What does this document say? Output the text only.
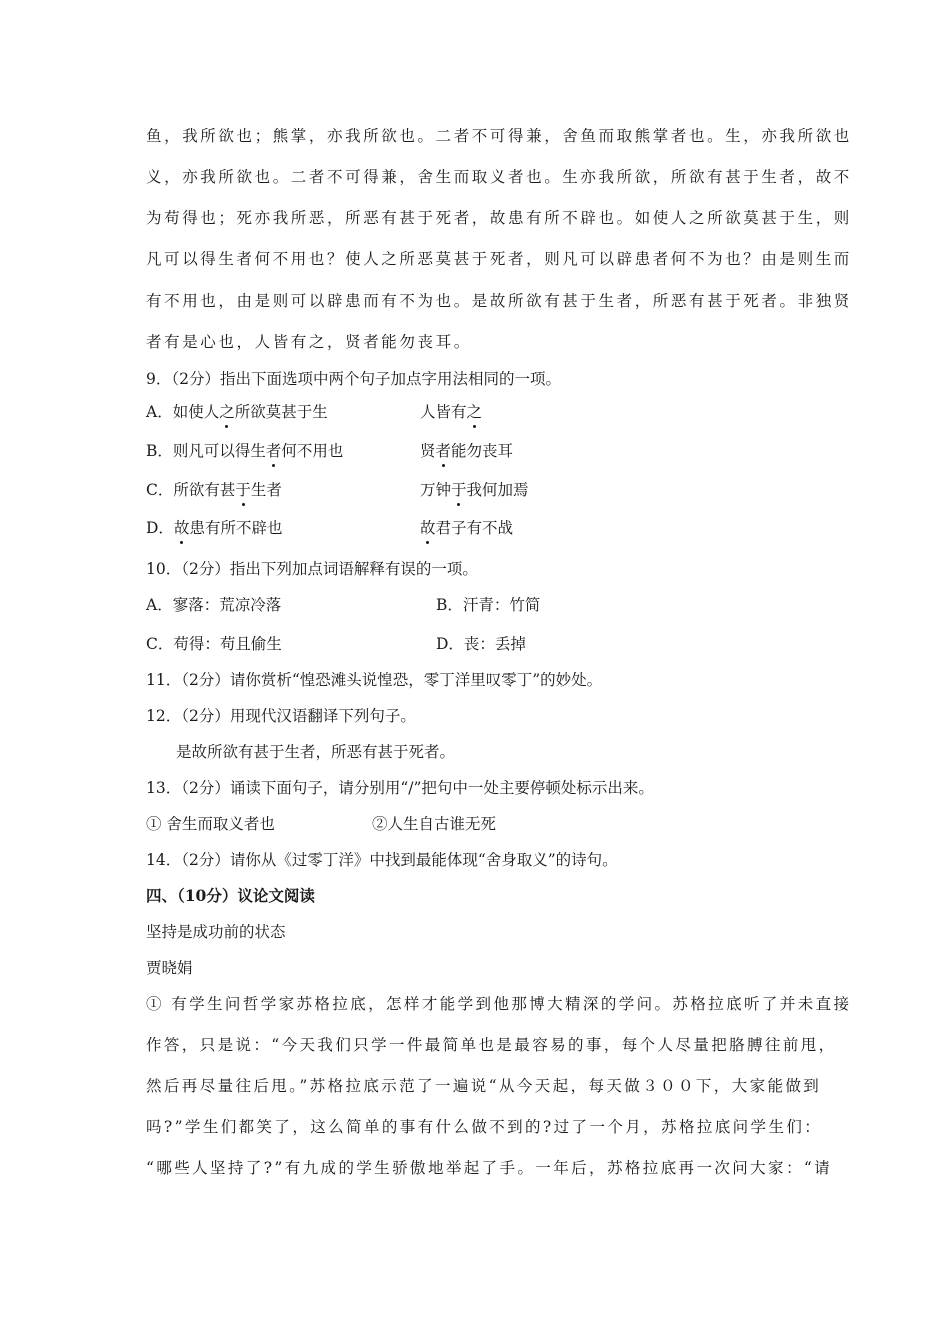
鱼，我所欲也；熊掌，亦我所欲也。二者不可得兼，舍鱼而取熊掌者也。生，亦我所欲也
义，亦我所欲也。二者不可得兼，舍生而取义者也。生亦我所欲，所欲有甚于生者，故不
为苟得也；死亦我所恶，所恶有甚于死者，故患有所不辟也。如使人之所欲莫甚于生，则
凡可以得生者何不用也？使人之所恶莫甚于死者，则凡可以辟患者何不为也？由是则生而
有不用也，由是则可以辟患而有不为也。是故所欲有甚于生者，所恶有甚于死者。非独贤
者有是心也，人皆有之，贤者能勿丧耳。
9．（2分）指出下面选项中两个句子加点字用法相同的一项。
A．如使人之所欲莫甚于生	人皆有之
B．则凡可以得生者何不用也	贤者能勿丧耳
C．所欲有甚于生者	万钟于我何加焉
D．故患有所不辟也	故君子有不战
10．（2分）指出下列加点词语解释有误的一项。
A．寥落：荒凉冷落	B．汗青：竹简
C．苟得：苟且偷生	D．丧：丢掉
11．（2分）请你赏析“惶恐滩头说惶恐，零丁洋里叹零丁”的妙处。
12．（2分）用现代汉语翻译下列句子。
是故所欲有甚于生者，所恶有甚于死者。
13．（2分）诵读下面句子，请分别用“/”把句中一处主要停顿处标示出来。
① 舍生而取义者也	②人生自古谁无死
14．（2分）请你从《过零丁洋》中找到最能体现“舍身取义”的诗句。
四、（10分）议论文阅读
坚持是成功前的状态
贾晓娟
① 有学生问哲学家苏格拉底，怎样才能学到他那博大精深的学问。苏格拉底听了并未直接
作答，只是说：“今天我们只学一件最简单也是最容易的事，每个人尽量把胳膊往前甩，
然后再尽量往后甩。”苏格拉底示范了一遍说“从今天起，每天做３００下，大家能做到
吗?”学生们都笑了，这么简单的事有什么做不到的?过了一个月，苏格拉底问学生们：
“哪些人坚持了?”有九成的学生骄傲地举起了手。一年后，苏格拉底再一次问大家：“请
